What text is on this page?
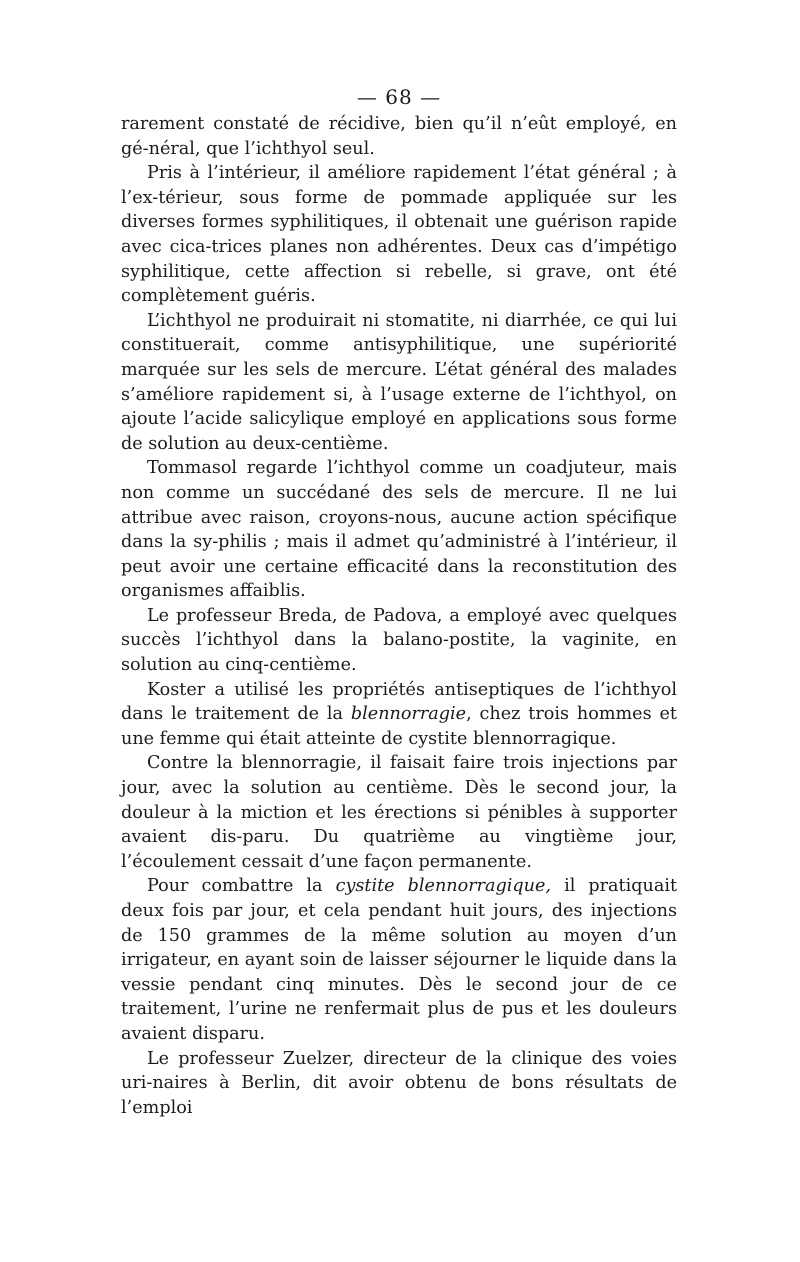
— 68 —

rarement constaté de récidive, bien qu’il n’eût employé, en gé-néral, que l’ichthyol seul.

Pris à l’intérieur, il améliore rapidement l’état général ; à l’ex-térieur, sous forme de pommade appliquée sur les diverses formes syphilitiques, il obtenait une guérison rapide avec cica-trices planes non adhérentes. Deux cas d’impétigo syphilitique, cette affection si rebelle, si grave, ont été complètement guéris.

L’ichthyol ne produirait ni stomatite, ni diarrhée, ce qui lui constituerait, comme antisyphilitique, une supériorité marquée sur les sels de mercure. L’état général des malades s’améliore rapidement si, à l’usage externe de l’ichthyol, on ajoute l’acide salicylique employé en applications sous forme de solution au deux-centième.

Tommasol regarde l’ichthyol comme un coadjuteur, mais non comme un succédané des sels de mercure. Il ne lui attribue avec raison, croyons-nous, aucune action spécifique dans la sy-philis ; mais il admet qu’administré à l’intérieur, il peut avoir une certaine efficacité dans la reconstitution des organismes affaiblis.

Le professeur Breda, de Padova, a employé avec quelques succès l’ichthyol dans la balano-postite, la vaginite, en solution au cinq-centième.

Koster a utilisé les propriétés antiseptiques de l’ichthyol dans le traitement de la blennorragie, chez trois hommes et une femme qui était atteinte de cystite blennorragique.

Contre la blennorragie, il faisait faire trois injections par jour, avec la solution au centième. Dès le second jour, la douleur à la miction et les érections si pénibles à supporter avaient dis-paru. Du quatrième au vingtième jour, l’écoulement cessait d’une façon permanente.

Pour combattre la cystite blennorragique, il pratiquait deux fois par jour, et cela pendant huit jours, des injections de 150 grammes de la même solution au moyen d’un irrigateur, en ayant soin de laisser séjourner le liquide dans la vessie pendant cinq minutes. Dès le second jour de ce traitement, l’urine ne renfermait plus de pus et les douleurs avaient disparu.

Le professeur Zuelzer, directeur de la clinique des voies uri-naires à Berlin, dit avoir obtenu de bons résultats de l’emploi
